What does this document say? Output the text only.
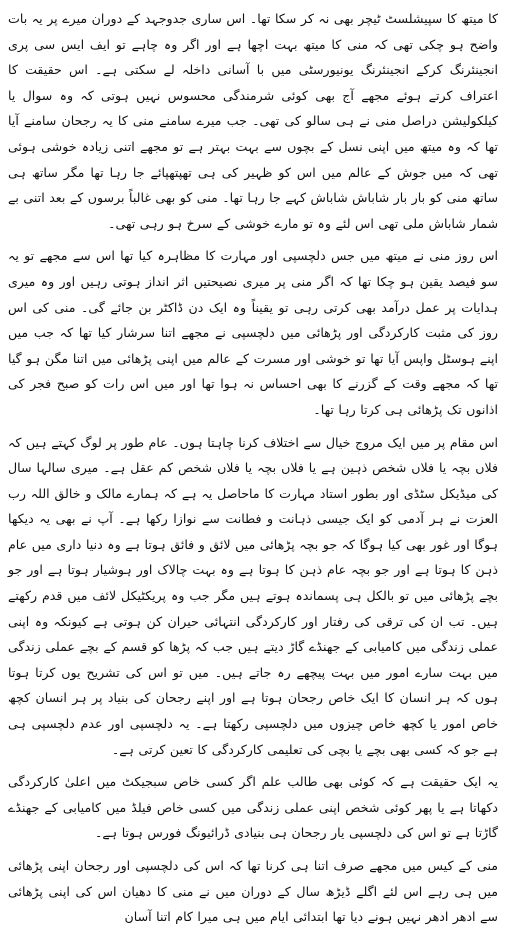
کا میتھ کا سپیشلسٹ ٹیچر بھی نہ کر سکا تھا۔ اس ساری جدوجہد کے دوران میرے پر یہ بات واضح ہو چکی تھی کہ منی کا میتھ بہت اچھا ہے اور اگر وہ چاہے تو ایف ایس سی پری انجینئرنگ کرکے انجینئرنگ یونیورسٹی میں با آسانی داخلہ لے سکتی ہے۔ اس حقیقت کا اعتراف کرتے ہوئے مجھے آج بھی کوئی شرمندگی محسوس نہیں ہوتی کہ وہ سوال یا کیلکولیشن دراصل منی نے ہی سالو کی تھی۔ جب میرے سامنے منی کا یہ رجحان سامنے آیا تھا کہ وہ میتھ میں اپنی نسل کے بچوں سے بہت بہتر ہے تو مجھے اتنی زیادہ خوشی ہوئی تھی کہ میں جوش کے عالم میں اس کو ظہیر کی ہی تھپتھپائے جا رہا تھا مگر ساتھ ہی ساتھ منی کو بار بار شاباش شاباش کہے جا رہا تھا۔ منی کو بھی غالباً برسوں کے بعد اتنی بے شمار شاباش ملی تھی اس لئے وہ تو مارے خوشی کے سرخ ہو رہی تھی۔

اس روز منی نے میتھ میں جس دلچسپی اور مہارت کا مظاہرہ کیا تھا اس سے مجھے تو یہ سو فیصد یقین ہو چکا تھا کہ اگر منی پر میری نصیحتیں اثر انداز ہوتی رہیں اور وہ میری ہدایات پر عمل درآمد بھی کرتی رہی تو یقیناً وہ ایک دن ڈاکٹر بن جائے گی۔ منی کی اس روز کی مثبت کارکردگی اور پڑھائی میں دلچسپی نے مجھے اتنا سرشار کیا تھا کہ جب میں اپنے ہوسٹل واپس آیا تھا تو خوشی اور مسرت کے عالم میں اپنی پڑھائی میں اتنا مگن ہو گیا تھا کہ مجھے وقت کے گزرنے کا بھی احساس نہ ہوا تھا اور میں اس رات کو صبح فجر کی اذانوں تک پڑھائی ہی کرتا رہا تھا۔

اس مقام پر میں ایک مروج خیال سے اختلاف کرنا چاہتا ہوں۔ عام طور پر لوگ کہتے ہیں کہ فلاں بچہ یا فلاں شخص ذہین ہے یا فلاں بچہ یا فلاں شخص کم عقل ہے۔ میری سالہا سال کی میڈیکل سٹڈی اور بطور استاد مہارت کا ماحاصل یہ ہے کہ ہمارے مالک و خالق اللہ رب العزت نے ہر آدمی کو ایک جیسی ذہانت و فطانت سے نوازا رکھا ہے۔ آپ نے بھی یہ دیکھا ہوگا اور غور بھی کیا ہوگا کہ جو بچہ پڑھائی میں لائق و فائق ہوتا ہے وہ دنیا داری میں عام ذہن کا ہوتا ہے اور جو بچہ عام ذہن کا ہوتا ہے وہ بہت چالاک اور ہوشیار ہوتا ہے اور جو بچے پڑھائی میں تو بالکل ہی پسماندہ ہوتے ہیں مگر جب وہ پریکٹیکل لائف میں قدم رکھتے ہیں۔ تب ان کی ترقی کی رفتار اور کارکردگی انتہائی حیران کن ہوتی ہے کیونکہ وہ اپنی عملی زندگی میں کامیابی کے جھنڈے گاڑ دیتے ہیں جب کہ پڑھا کو قسم کے بچے عملی زندگی میں بہت سارے امور میں بہت پیچھے رہ جاتے ہیں۔ میں تو اس کی تشریح یوں کرتا ہوتا ہوں کہ ہر انسان کا ایک خاص رجحان ہوتا ہے اور اپنے رجحان کی بنیاد پر ہر انسان کچھ خاص امور یا کچھ خاص چیزوں میں دلچسپی رکھتا ہے۔ یہ دلچسپی اور عدم دلچسپی ہی ہے جو کہ کسی بھی بچے یا بچی کی تعلیمی کارکردگی کا تعین کرتی ہے۔

یہ ایک حقیقت ہے کہ کوئی بھی طالب علم اگر کسی خاص سبجیکٹ میں اعلیٰ کارکردگی دکھاتا ہے یا پھر کوئی شخص اپنی عملی زندگی میں کسی خاص فیلڈ میں کامیابی کے جھنڈے گاڑتا ہے تو اس کی دلچسپی یار رجحان ہی بنیادی ڈرائیونگ فورس ہوتا ہے۔

منی کے کیس میں مجھے صرف اتنا ہی کرنا تھا کہ اس کی دلچسپی اور رجحان اپنی پڑھائی میں ہی رہے اس لئے اگلے ڈیڑھ سال کے دوران میں نے منی کا دھیان اس کی اپنی پڑھائی سے ادھر ادھر نہیں ہونے دیا تھا ابتدائی ایام میں ہی میرا کام اتنا آسان
